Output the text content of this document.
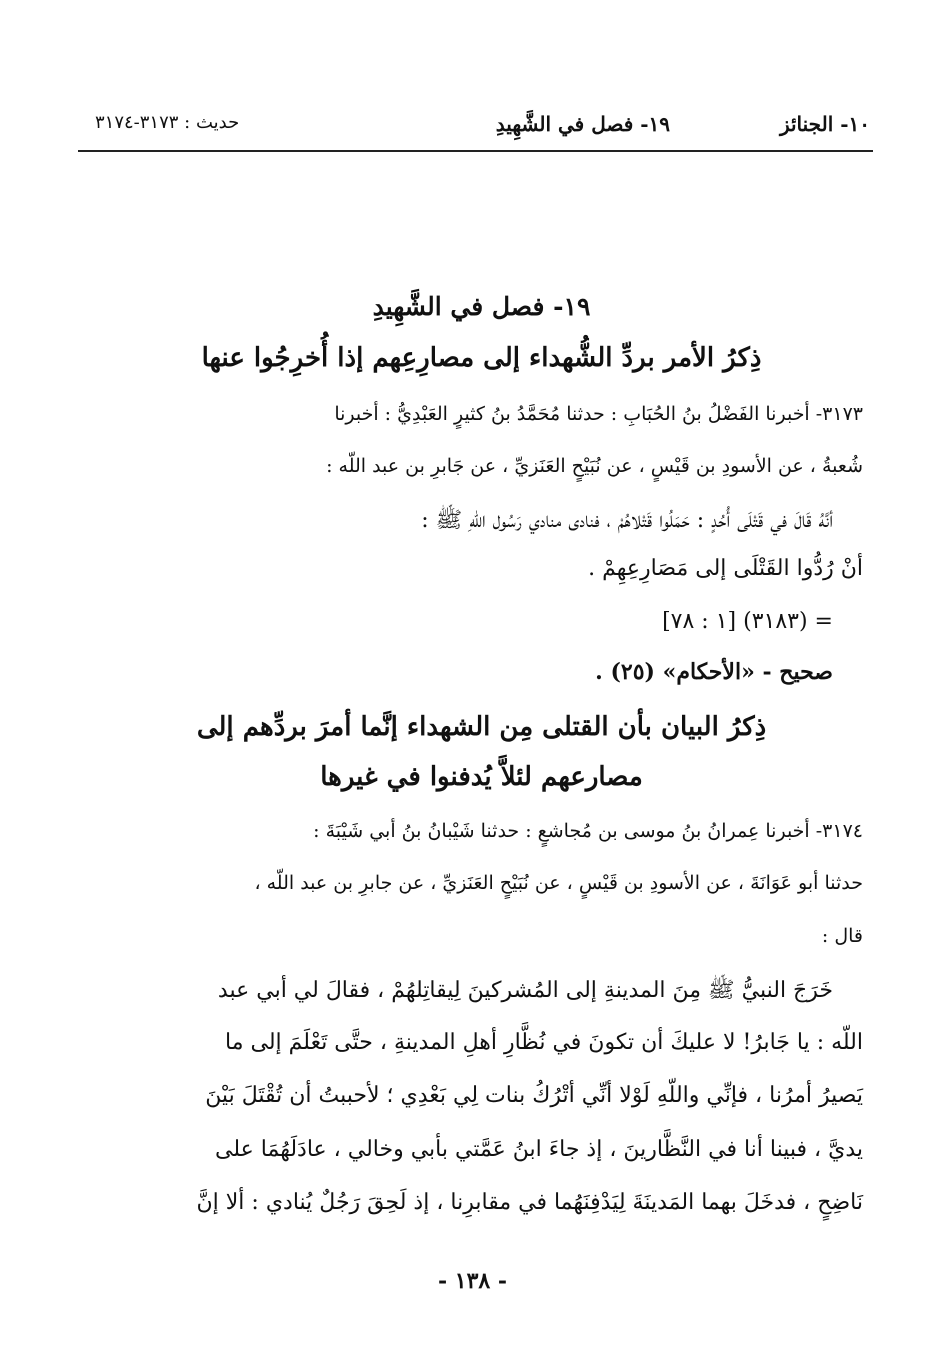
١٠- الجنائز
١٩- فصل في الشَّهِيدِ
حديث : ٣١٧٣-٣١٧٤
١٩- فصل في الشَّهِيدِ
ذِكرُ الأمر بردِّ الشُّهداء إلى مصارِعِهم إذا أُخرِجُوا عنها
٣١٧٣- أخبرنا الفَضْلُ بنُ الحُبَابِ : حدثنا مُحَمَّدُ بنُ كثيرٍ العَبْدِيُّ : أخبرنا
شُعبةُ ، عن الأسودِ بن قَيْسٍ ، عن نُبَيْحٍ العَنَزيِّ ، عن جَابرِ بن عبد اللّه :
أنَّهُ قَالَ في قَتْلَى أُحُدٍ : حَمَلُوا قَتْلاهُمْ ، فنادى منادي رَسُول اللّهِ ﷺ :
أنْ رُدُّوا القَتْلَى إلى مَصَارِعِهِمْ .
= (٣١٨٣) [١ : ٧٨]
صحيح - «الأحكام» (٢٥) .
ذِكرُ البيان بأن القتلى مِن الشهداء إنَّما أمرَ بردِّهم إلى
مصارعهم لئلاَّ يُدفنوا في غيرها
٣١٧٤- أخبرنا عِمرانُ بنُ موسى بن مُجاشعٍ : حدثنا شَيْبانُ بنُ أبي شَيْبَةَ :
حدثنا أبو عَوَانَةَ ، عن الأسودِ بن قَيْسٍ ، عن نُبَيْحٍ العَنَزيِّ ، عن جابرِ بن عبد اللّه ،
قال :
خَرَجَ النبيُّ ﷺ مِنَ المدينةِ إلى المُشركينَ لِيقاتِلهُمْ ، فقالَ لي أبي عبد
اللّه : يا جَابرُ! لا عليكَ أن تكونَ في نُظَّارِ أهلِ المدينةِ ، حتَّى تَعْلَمَ إلى ما
يَصيرُ أمرُنا ، فإنِّي واللّهِ لَوْلا أنِّي أتْرُكُ بنات لِي بَعْدِي ؛ لأحببتُ أن تُقْتَلَ بَيْنَ
يديَّ ، فبينا أنا في النَّظَّارينَ ، إذ جاءَ ابنُ عَمَّتي بأبي وخالي ، عادَلَهُمَا على
نَاضِحٍ ، فدخَلَ بهما المَدينَةَ لِيَدْفِنَهُما في مقابرِنا ، إذ لَحِقَ رَجُلٌ يُنادي : ألا إنَّ
- ١٣٨ -
